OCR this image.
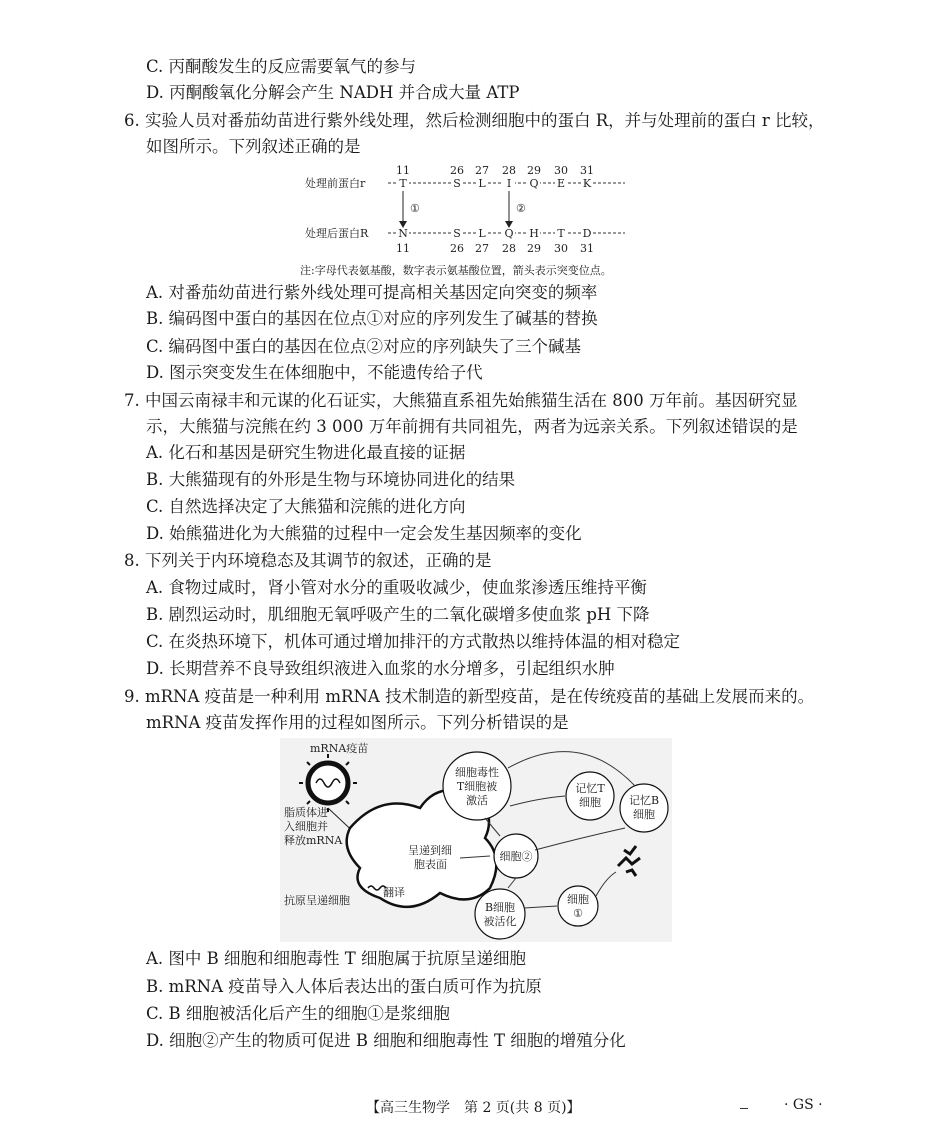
C. 丙酮酸发生的反应需要氧气的参与
D. 丙酮酸氧化分解会产生 NADH 并合成大量 ATP
6. 实验人员对番茄幼苗进行紫外线处理，然后检测细胞中的蛋白 R，并与处理前的蛋白 r 比较，
如图所示。下列叙述正确的是
11	26 27 28 29 30 31
处理前蛋白r	T	S L I Q E K
①	②
处理后蛋白R	N	S L Q H T D
11	26 27 28 29 30 31
注:字母代表氨基酸，数字表示氨基酸位置，箭头表示突变位点。
A. 对番茄幼苗进行紫外线处理可提高相关基因定向突变的频率
B. 编码图中蛋白的基因在位点①对应的序列发生了碱基的替换
C. 编码图中蛋白的基因在位点②对应的序列缺失了三个碱基
D. 图示突变发生在体细胞中，不能遗传给子代
7. 中国云南禄丰和元谋的化石证实，大熊猫直系祖先始熊猫生活在 800 万年前。基因研究显
示，大熊猫与浣熊在约 3 000 万年前拥有共同祖先，两者为远亲关系。下列叙述错误的是
A. 化石和基因是研究生物进化最直接的证据
B. 大熊猫现有的外形是生物与环境协同进化的结果
C. 自然选择决定了大熊猫和浣熊的进化方向
D. 始熊猫进化为大熊猫的过程中一定会发生基因频率的变化
8. 下列关于内环境稳态及其调节的叙述，正确的是
A. 食物过咸时，肾小管对水分的重吸收减少，使血浆渗透压维持平衡
B. 剧烈运动时，肌细胞无氧呼吸产生的二氧化碳增多使血浆 pH 下降
C. 在炎热环境下，机体可通过增加排汗的方式散热以维持体温的相对稳定
D. 长期营养不良导致组织液进入血浆的水分增多，引起组织水肿
9. mRNA 疫苗是一种利用 mRNA 技术制造的新型疫苗，是在传统疫苗的基础上发展而来的。
mRNA 疫苗发挥作用的过程如图所示。下列分析错误的是
mRNA疫苗
脂质体进
入细胞并
释放mRNA
抗原呈递细胞
翻译
呈递到细
胞表面
细胞毒性
T细胞被
激活
细胞②
B细胞
被活化
记忆T
细胞	记忆B
细胞
细胞
①
A. 图中 B 细胞和细胞毒性 T 细胞属于抗原呈递细胞
B. mRNA 疫苗导入人体后表达出的蛋白质可作为抗原
C. B 细胞被活化后产生的细胞①是浆细胞
D. 细胞②产生的物质可促进 B 细胞和细胞毒性 T 细胞的增殖分化
【高三生物学　第 2 页(共 8 页)】	· GS ·
